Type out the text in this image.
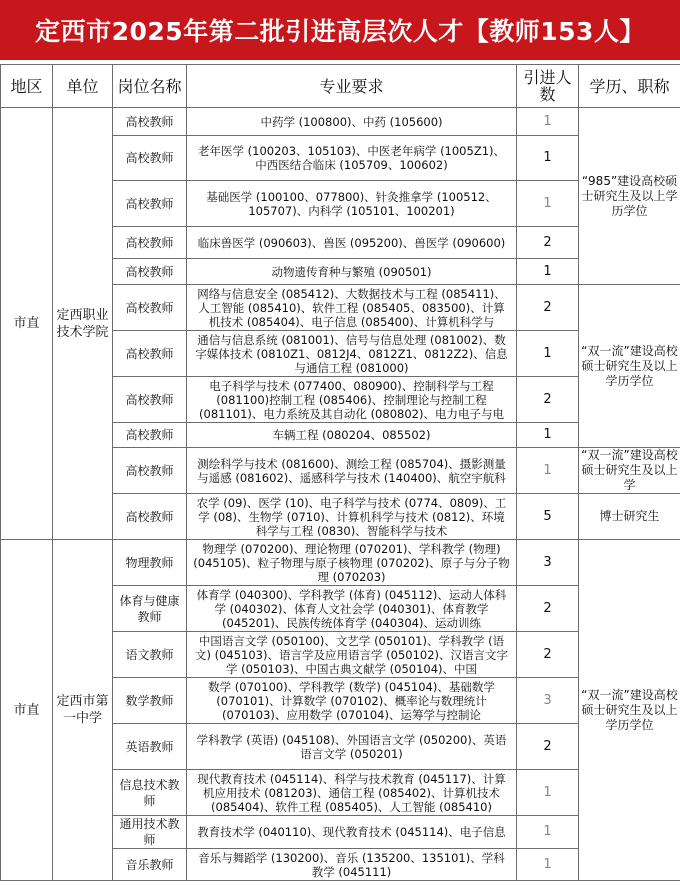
定西市2025年第二批引进高层次人才【教师153人】
地区	单位	岗位名称	专业要求	引进人数	学历、职称
市直	定西职业技术学院	高校教师	中药学 (100800)、中药 (105600)	1	“985”建设高校硕士研究生及以上学历学位
		高校教师	老年医学 (100203、105103)、中医老年病学 (1005Z1)、中西医结合临床 (105709、100602)	1	
		高校教师	基础医学 (100100、077800)、针灸推拿学 (100512、105707)、内科学 (105101、100201)	1	
		高校教师	临床兽医学 (090603)、兽医 (095200)、兽医学 (090600)	2	
		高校教师	动物遗传育种与繁殖 (090501)	1	
		高校教师	网络与信息安全 (085412)、大数据技术与工程 (085411)、人工智能 (085410)、软件工程 (085405、083500)、计算机技术 (085404)、电子信息 (085400)、计算机科学与	2	“双一流”建设高校硕士研究生及以上学历学位
		高校教师	通信与信息系统 (081001)、信号与信息处理 (081002)、数字媒体技术 (0810Z1、0812J4、0812Z1、0812Z2)、信息与通信工程 (081000)	1	
		高校教师	电子科学与技术 (077400、080900)、控制科学与工程 (081100)控制工程 (085406)、控制理论与控制工程 (081101)、电力系统及其自动化 (080802)、电力电子与电	2	
		高校教师	车辆工程 (080204、085502)	1	
		高校教师	测绘科学与技术 (081600)、测绘工程 (085704)、摄影测量与遥感 (081602)、遥感科学与技术 (140400)、航空宇航科	1	“双一流”建设高校硕士研究生及以上学
		高校教师	农学 (09)、医学 (10)、电子科学与技术 (0774、0809)、工学 (08)、生物学 (0710)、计算机科学与技术 (0812)、环境科学与工程 (0830)、智能科学与技术	5	博士研究生
市直	定西市第一中学	物理教师	物理学 (070200)、理论物理 (070201)、学科教学 (物理) (045105)、粒子物理与原子核物理 (070202)、原子与分子物理 (070203)	3	“双一流”建设高校硕士研究生及以上学历学位
		体育与健康教师	体育学 (040300)、学科教学 (体育) (045112)、运动人体科学 (040302)、体育人文社会学 (040301)、体育教学 (045201)、民族传统体育学 (040304)、运动训练	2	
		语文教师	中国语言文学 (050100)、文艺学 (050101)、学科教学 (语文) (045103)、语言学及应用语言学 (050102)、汉语言文字学 (050103)、中国古典文献学 (050104)、中国	2	
		数学教师	数学 (070100)、学科教学 (数学) (045104)、基础数学 (070101)、计算数学 (070102)、概率论与数理统计 (070103)、应用数学 (070104)、运筹学与控制论	3	
		英语教师	学科教学 (英语) (045108)、外国语言文学 (050200)、英语语言文学 (050201)	2	
		信息技术教师	现代教育技术 (045114)、科学与技术教育 (045117)、计算机应用技术 (081203)、通信工程 (085402)、计算机技术 (085404)、软件工程 (085405)、人工智能 (085410)	1	
		通用技术教师	教育技术学 (040110)、现代教育技术 (045114)、电子信息	1	
		音乐教师	音乐与舞蹈学 (130200)、音乐 (135200、135101)、学科教学 (045111)	1	
